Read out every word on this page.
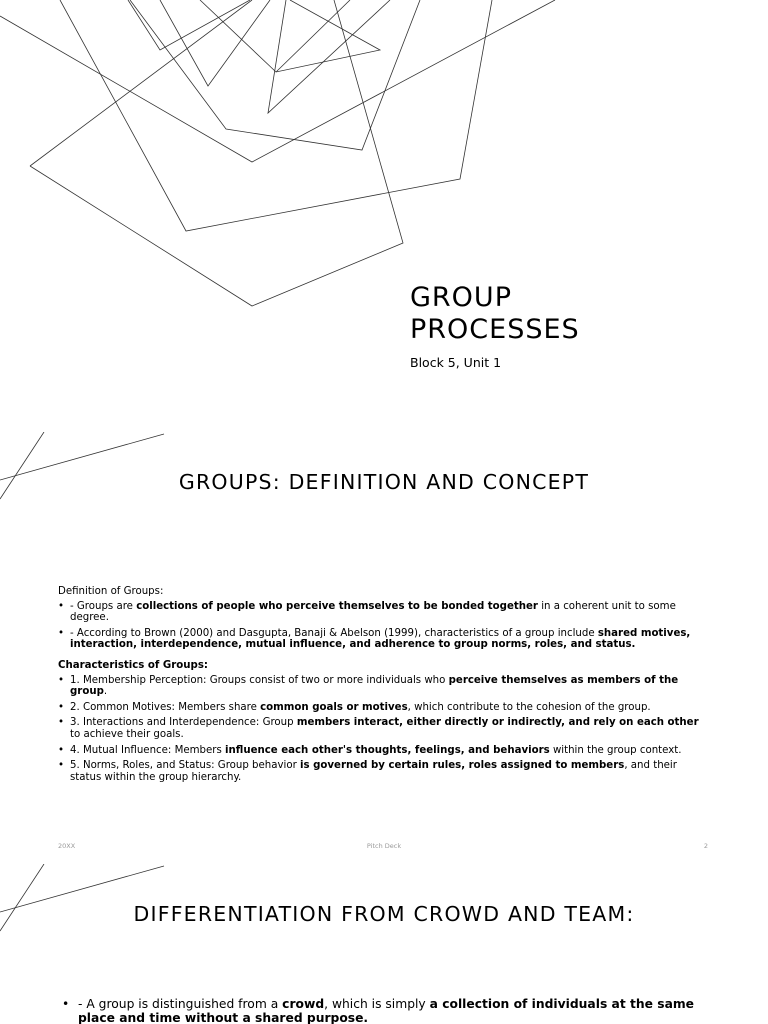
GROUP
PROCESSES
Block 5, Unit 1
GROUPS: DEFINITION AND CONCEPT

Definition of Groups:

• - Groups are collections of people who perceive themselves to be bonded together in a coherent unit to some degree.
• - According to Brown (2000) and Dasgupta, Banaji & Abelson (1999), characteristics of a group include shared motives, interaction, interdependence, mutual influence, and adherence to group norms, roles, and status.

Characteristics of Groups:

• 1. Membership Perception: Groups consist of two or more individuals who perceive themselves as members of the group.
• 2. Common Motives: Members share common goals or motives, which contribute to the cohesion of the group.
• 3. Interactions and Interdependence: Group members interact, either directly or indirectly, and rely on each other to achieve their goals.
• 4. Mutual Influence: Members influence each other's thoughts, feelings, and behaviors within the group context.
• 5. Norms, Roles, and Status: Group behavior is governed by certain rules, roles assigned to members, and their status within the group hierarchy.
20XX	Pitch Deck	2
DIFFERENTIATION FROM CROWD AND TEAM:
• - A group is distinguished from a crowd, which is simply a collection of individuals at the same place and time without a shared purpose.
